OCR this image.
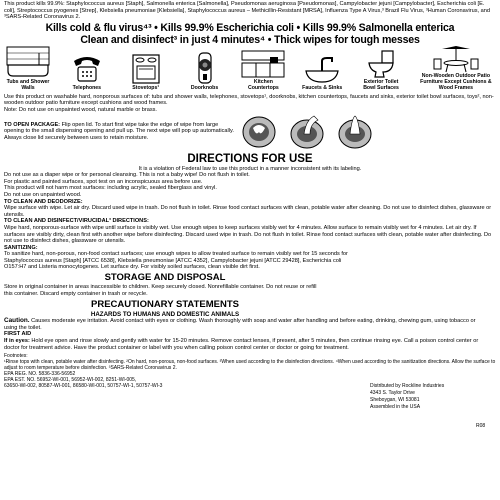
This product kills 99.9%: Staphylococcus aureus [Staph], Salmonella enterica [Salmonella], Pseudomonas aeruginosa [Pseudomonas], Campylobacter jejuni [Campylobacter], Escherichia coli [E. coli], Streptococcus pyogenes [Strep], Klebsiella pneumoniae [Klebsiella], Staphylococcus aureus – Methicillin-Resistant [MRSA], Influenza Type A Virus,³ Brazil Flu Virus, ³Human Coronavirus, and ³SARS-Related Coronavirus 2.
Kills cold & flu virus⁴³ • Kills 99.9% Escherichia coli • Kills 99.9% Salmonella enterica
Clean and disinfect³ in just 4 minutes⁴ • Thick wipes for tough messes
Tubs and Shower Walls	Telephones	Stovetops¹	Doorknobs
Kitchen Countertops	Faucets & Sinks
Exterior Toilet Bowl Surfaces
Non-Wooden Outdoor Patio Furniture Except Cushions & Wood Frames
Use this product on washable hard, nonporous surfaces of: tubs and shower walls, telephones, stovetops¹, doorknobs, kitchen countertops, faucets and sinks, exterior toilet bowl surfaces, toys², non-wooden outdoor patio furniture except cushions and wood frames.
Note: Do not use on unpainted wood, natural marble or brass.
TO OPEN PACKAGE: Flip open lid. To start first wipe take the edge of wipe from large opening to the small dispensing opening and pull up. The next wipe will pop up automatically. Always close lid securely between uses to retain moisture.
DIRECTIONS FOR USE
It is a violation of Federal law to use this product in a manner inconsistent with its labeling.
Do not use as a diaper wipe or for personal cleansing. This is not a baby wipe! Do not flush in toilet.
For plastic and painted surfaces, spot test on an inconspicuous area before use.
This product will not harm most surfaces: including acrylic, sealed fiberglass and vinyl.
Do not use on unpainted wood.
TO CLEAN AND DEODORIZE:
Wipe surface with wipe. Let air dry. Discard used wipe in trash. Do not flush in toilet. Rinse food contact surfaces with clean, potable water after cleaning. Do not use to disinfect dishes, glassware or utensils.
TO CLEAN AND DISINFECT/VIRUCIDAL³ DIRECTIONS:
Wipe hard, nonporous-surface with wipe until surface is visibly wet. Use enough wipes to keep surfaces visibly wet for 4 minutes. Allow surface to remain visibly wet for 4 minutes. Let air dry. If surfaces are visibly dirty, clean first with another wipe before disinfecting. Discard used wipe in trash. Do not flush in toilet. Rinse food contact surfaces with clean, potable water after disinfecting. Do not use to disinfect dishes, glassware or utensils.
SANITIZING:
To sanitize hard, non-porous, non-food contact surfaces; use enough wipes to allow treated surface to remain visibly wet for 15 seconds for Staphylococcus aureus [Staph] [ATCC 6538], Klebsiella pneumoniae [ATCC 4352], Campylobacter jejuni [ATCC 29428], Escherichia coli O157:H7 and Listeria monocytogenes. Let surface dry. For visibly soiled surfaces, clean visible dirt first.
STORAGE AND DISPOSAL
Store in original container in areas inaccessible to children. Keep securely closed. Nonrefillable container. Do not reuse or refill this container. Discard empty container in trash or recycle.
PRECAUTIONARY STATEMENTS
HAZARDS TO HUMANS AND DOMESTIC ANIMALS
Caution. Causes moderate eye irritation. Avoid contact with eyes or clothing. Wash thoroughly with soap and water after handling and before eating, drinking, chewing gum, using tobacco or using the toilet.
FIRST AID
If in eyes: Hold eye open and rinse slowly and gently with water for 15-20 minutes. Remove contact lenses, if present, after 5 minutes, then continue rinsing eye. Call a poison control center or doctor for treatment advice. Have the product container or label with you when calling poison control center or doctor or going for treatment.
Footnotes:
¹Rinse tops with clean, potable water after disinfecting. ²On hard, non-porous, non-food surfaces. ³When used according to the disinfection directions. ⁴When used according to the sanitization directions. Allow the surface to adjust to room temperature before disinfection. ³SARS-Related Coronavirus 2.
EPA REG. NO. 5836-336-56952
EPA EST. NO. 56952-WI-001, 56952-WI-002, 8251-WI-005,
63650-WI-002, 80587-WI-001, 86580-WI-001, 50757-WI-1, 50757-WI-3	Distributed by Rockline Industries
4343 S. Taylor Drive
Sheboygan, WI 53081
Assembled in the USA
R08
